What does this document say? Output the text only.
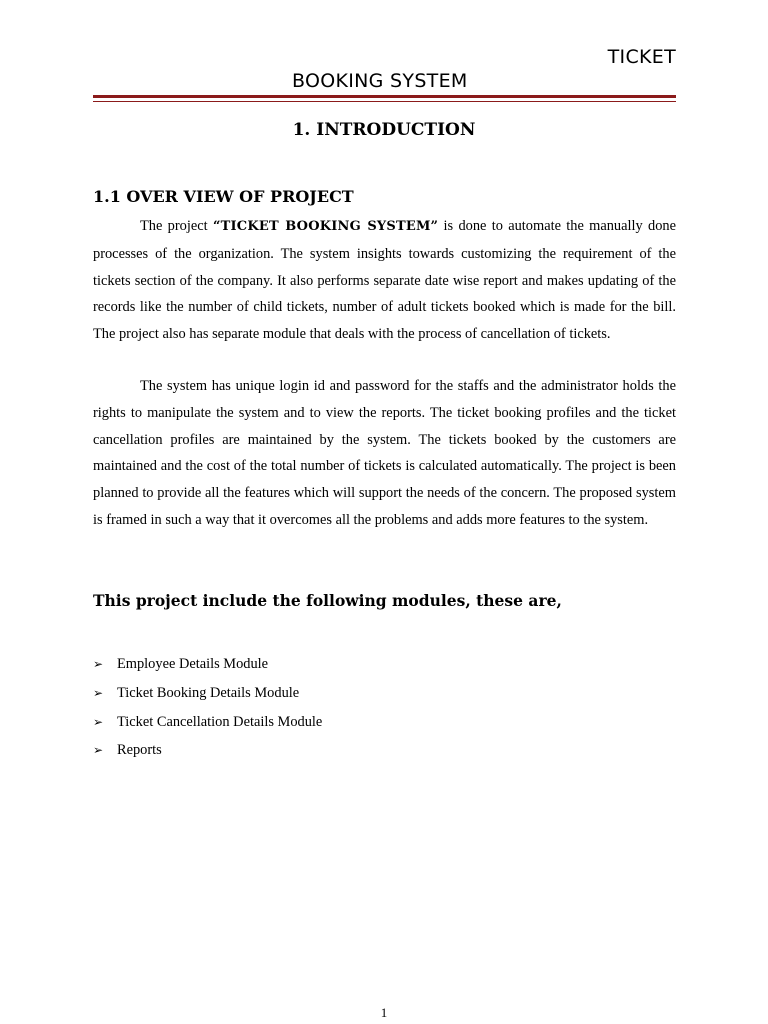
TICKET
BOOKING SYSTEM
1. INTRODUCTION
1.1 OVER VIEW OF PROJECT

The project “TICKET BOOKING SYSTEM” is done to automate the manually done processes of the organization. The system insights towards customizing the requirement of the tickets section of the company. It also performs separate date wise report and makes updating of the records like the number of child tickets, number of adult tickets booked which is made for the bill. The project also has separate module that deals with the process of cancellation of tickets.

The system has unique login id and password for the staffs and the administrator holds the rights to manipulate the system and to view the reports. The ticket booking profiles and the ticket cancellation profiles are maintained by the system. The tickets booked by the customers are maintained and the cost of the total number of tickets is calculated automatically. The project is been planned to provide all the features which will support the needs of the concern. The proposed system is framed in such a way that it overcomes all the problems and adds more features to the system.

This project include the following modules, these are,
➢ Employee Details Module
➢ Ticket Booking Details Module
➢ Ticket Cancellation Details Module
➢ Reports
1
